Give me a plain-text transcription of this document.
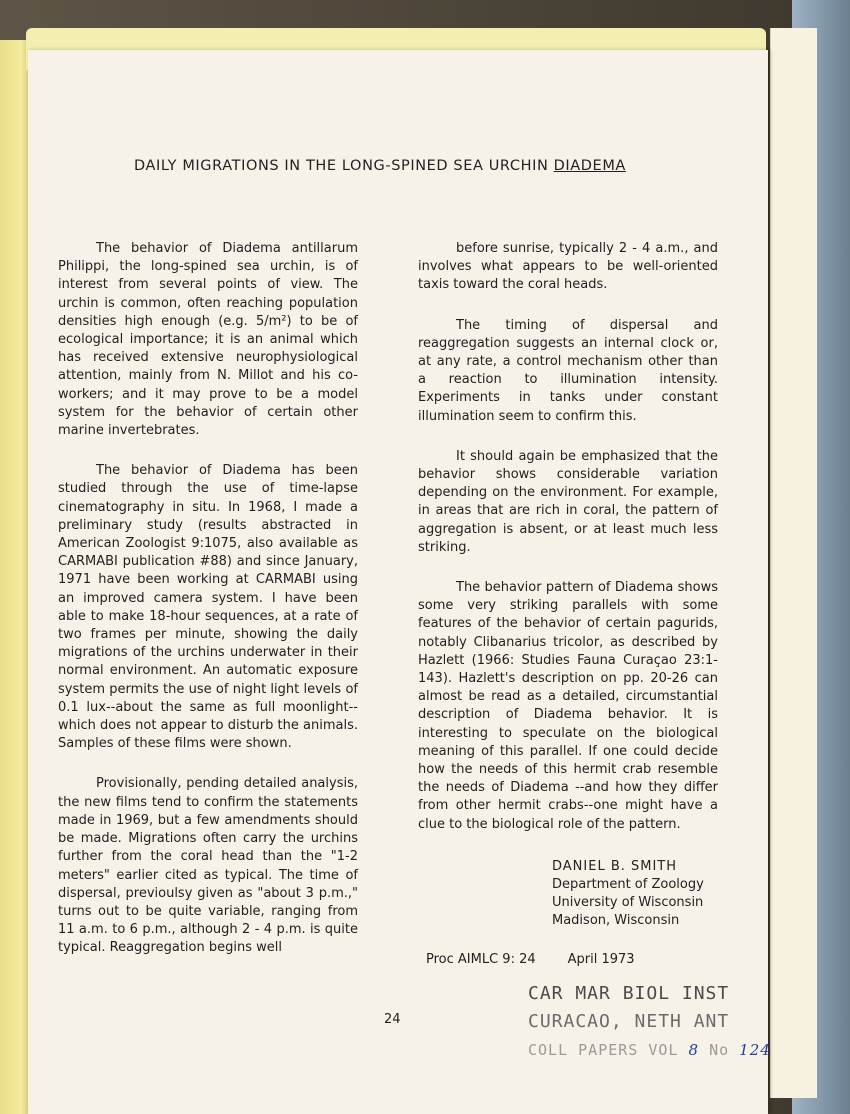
DAILY MIGRATIONS IN THE LONG-SPINED SEA URCHIN DIADEMA

The behavior of Diadema antillarum Philippi, the long-spined sea urchin, is of interest from several points of view. The urchin is common, often reaching population densities high enough (e.g. 5/m²) to be of ecological importance; it is an animal which has received extensive neurophysiological attention, mainly from N. Millot and his co-workers; and it may prove to be a model system for the behavior of certain other marine invertebrates.

The behavior of Diadema has been studied through the use of time-lapse cinematography in situ. In 1968, I made a preliminary study (results abstracted in American Zoologist 9:1075, also available as CARMABI publication #88) and since January, 1971 have been working at CARMABI using an improved camera system. I have been able to make 18-hour sequences, at a rate of two frames per minute, showing the daily migrations of the urchins underwater in their normal environment. An automatic exposure system permits the use of night light levels of 0.1 lux--about the same as full moonlight--which does not appear to disturb the animals. Samples of these films were shown.

Provisionally, pending detailed analysis, the new films tend to confirm the statements made in 1969, but a few amendments should be made. Migrations often carry the urchins further from the coral head than the "1-2 meters" earlier cited as typical. The time of dispersal, previoulsy given as "about 3 p.m.," turns out to be quite variable, ranging from 11 a.m. to 6 p.m., although 2 - 4 p.m. is quite typical. Reaggregation begins well

before sunrise, typically 2 - 4 a.m., and involves what appears to be well-oriented taxis toward the coral heads.

The timing of dispersal and reaggregation suggests an internal clock or, at any rate, a control mechanism other than a reaction to illumination intensity. Experiments in tanks under constant illumination seem to confirm this.

It should again be emphasized that the behavior shows considerable variation depending on the environment. For example, in areas that are rich in coral, the pattern of aggregation is absent, or at least much less striking.

The behavior pattern of Diadema shows some very striking parallels with some features of the behavior of certain pagurids, notably Clibanarius tricolor, as described by Hazlett (1966: Studies Fauna Curaçao 23:1-143). Hazlett's description on pp. 20-26 can almost be read as a detailed, circumstantial description of Diadema behavior. It is interesting to speculate on the biological meaning of this parallel. If one could decide how the needs of this hermit crab resemble the needs of Diadema --and how they differ from other hermit crabs--one might have a clue to the biological role of the pattern.

DANIEL B. SMITH
Department of Zoology
University of Wisconsin
Madison, Wisconsin
Proc AIMLC 9: 24 April 1973
24
CAR MAR BIOL INST
CURACAO, NETH ANT
COLL PAPERS VOL 8 No 124
